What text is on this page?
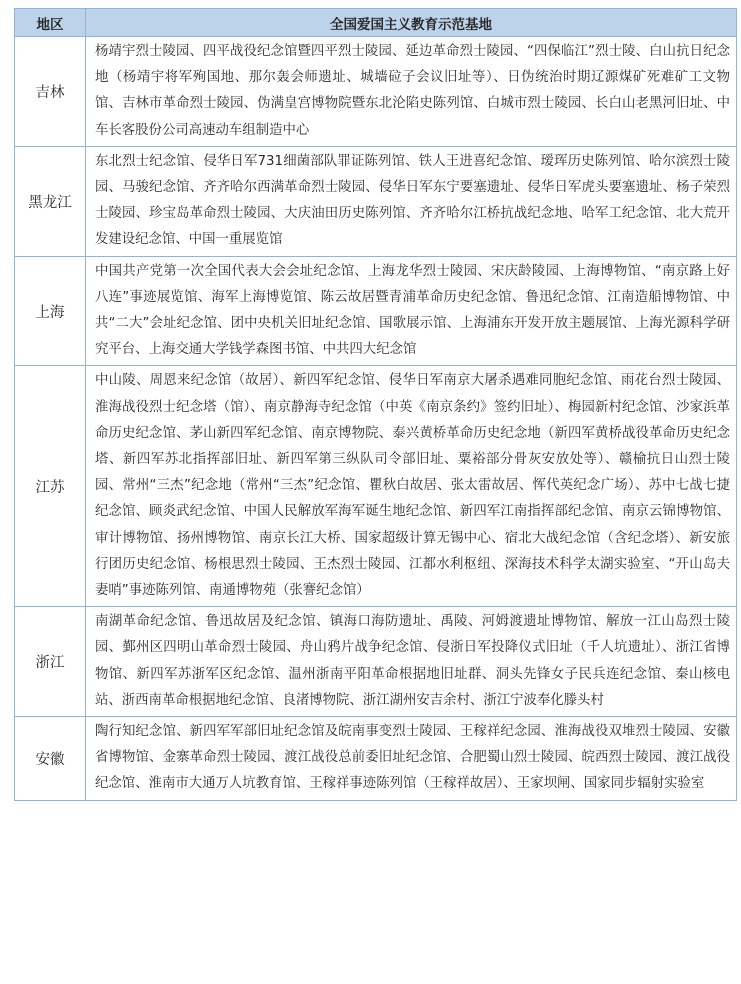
地区	全国爱国主义教育示范基地
吉林	杨靖宇烈士陵园、四平战役纪念馆暨四平烈士陵园、延边革命烈士陵园、“四保临江”烈士陵、白山抗日纪念地（杨靖宇将军殉国地、那尔轰会师遗址、城墙砬子会议旧址等）、日伪统治时期辽源煤矿死难矿工文物馆、吉林市革命烈士陵园、伪满皇宫博物院暨东北沦陷史陈列馆、白城市烈士陵园、长白山老黑河旧址、中车长客股份公司高速动车组制造中心

黑龙江	东北烈士纪念馆、侵华日军731细菌部队罪证陈列馆、铁人王进喜纪念馆、瑷珲历史陈列馆、哈尔滨烈士陵园、马骏纪念馆、齐齐哈尔西满革命烈士陵园、侵华日军东宁要塞遗址、侵华日军虎头要塞遗址、杨子荣烈士陵园、珍宝岛革命烈士陵园、大庆油田历史陈列馆、齐齐哈尔江桥抗战纪念地、哈军工纪念馆、北大荒开发建设纪念馆、中国一重展览馆

上海	中国共产党第一次全国代表大会会址纪念馆、上海龙华烈士陵园、宋庆龄陵园、上海博物馆、“南京路上好八连”事迹展览馆、海军上海博览馆、陈云故居暨青浦革命历史纪念馆、鲁迅纪念馆、江南造船博物馆、中共“二大”会址纪念馆、团中央机关旧址纪念馆、国歌展示馆、上海浦东开发开放主题展馆、上海光源科学研究平台、上海交通大学钱学森图书馆、中共四大纪念馆

江苏	中山陵、周恩来纪念馆（故居）、新四军纪念馆、侵华日军南京大屠杀遇难同胞纪念馆、雨花台烈士陵园、淮海战役烈士纪念塔（馆）、南京静海寺纪念馆（中英《南京条约》签约旧址）、梅园新村纪念馆、沙家浜革命历史纪念馆、茅山新四军纪念馆、南京博物院、泰兴黄桥革命历史纪念地（新四军黄桥战役革命历史纪念塔、新四军苏北指挥部旧址、新四军第三纵队司令部旧址、粟裕部分骨灰安放处等）、赣榆抗日山烈士陵园、常州“三杰”纪念地（常州“三杰”纪念馆、瞿秋白故居、张太雷故居、恽代英纪念广场）、苏中七战七捷纪念馆、顾炎武纪念馆、中国人民解放军海军诞生地纪念馆、新四军江南指挥部纪念馆、南京云锦博物馆、审计博物馆、扬州博物馆、南京长江大桥、国家超级计算无锡中心、宿北大战纪念馆（含纪念塔）、新安旅行团历史纪念馆、杨根思烈士陵园、王杰烈士陵园、江都水利枢纽、深海技术科学太湖实验室、“开山岛夫妻哨”事迹陈列馆、南通博物苑（张謇纪念馆）

浙江	南湖革命纪念馆、鲁迅故居及纪念馆、镇海口海防遗址、禹陵、河姆渡遗址博物馆、解放一江山岛烈士陵园、鄞州区四明山革命烈士陵园、舟山鸦片战争纪念馆、侵浙日军投降仪式旧址（千人坑遗址）、浙江省博物馆、新四军苏浙军区纪念馆、温州浙南平阳革命根据地旧址群、洞头先锋女子民兵连纪念馆、秦山核电站、浙西南革命根据地纪念馆、良渚博物院、浙江湖州安吉余村、浙江宁波奉化滕头村

安徽	陶行知纪念馆、新四军军部旧址纪念馆及皖南事变烈士陵园、王稼祥纪念园、淮海战役双堆烈士陵园、安徽省博物馆、金寨革命烈士陵园、渡江战役总前委旧址纪念馆、合肥蜀山烈士陵园、皖西烈士陵园、渡江战役纪念馆、淮南市大通万人坑教育馆、王稼祥事迹陈列馆（王稼祥故居）、王家坝闸、国家同步辐射实验室
